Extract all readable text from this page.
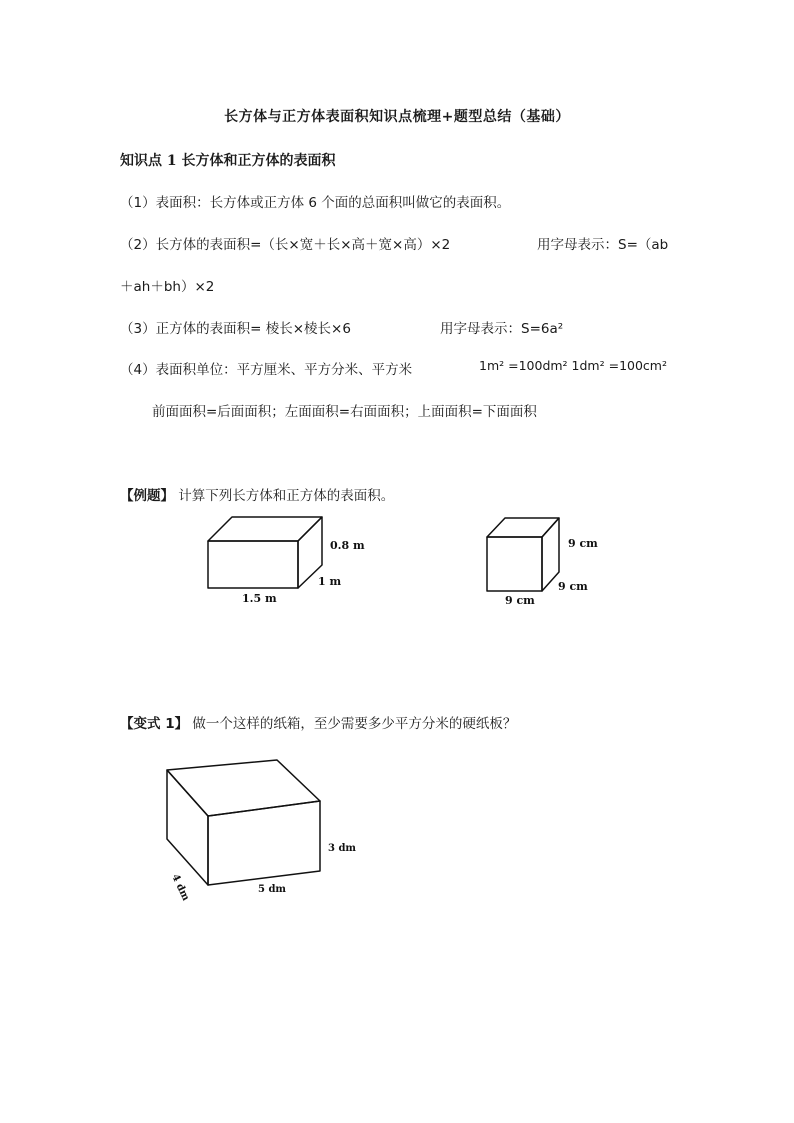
长方体与正方体表面积知识点梳理+题型总结（基础）
知识点 1 长方体和正方体的表面积
（1）表面积：长方体或正方体 6 个面的总面积叫做它的表面积。
（2）长方体的表面积=（长×宽＋长×高＋宽×高）×2	用字母表示：S=（ab
＋ah＋bh）×2
（3）正方体的表面积= 棱长×棱长×6	用字母表示：S=6a²
（4）表面积单位：平方厘米、平方分米、平方米	1m² =100dm² 1dm² =100cm²
前面面积=后面面积；左面面积=右面面积；上面面积=下面面积
【例题】 计算下列长方体和正方体的表面积。
【变式 1】 做一个这样的纸箱，至少需要多少平方分米的硬纸板？
0.8 m
1 m
1.5 m
9 cm
9 cm
9 cm
3 dm
5 dm
4 dm
